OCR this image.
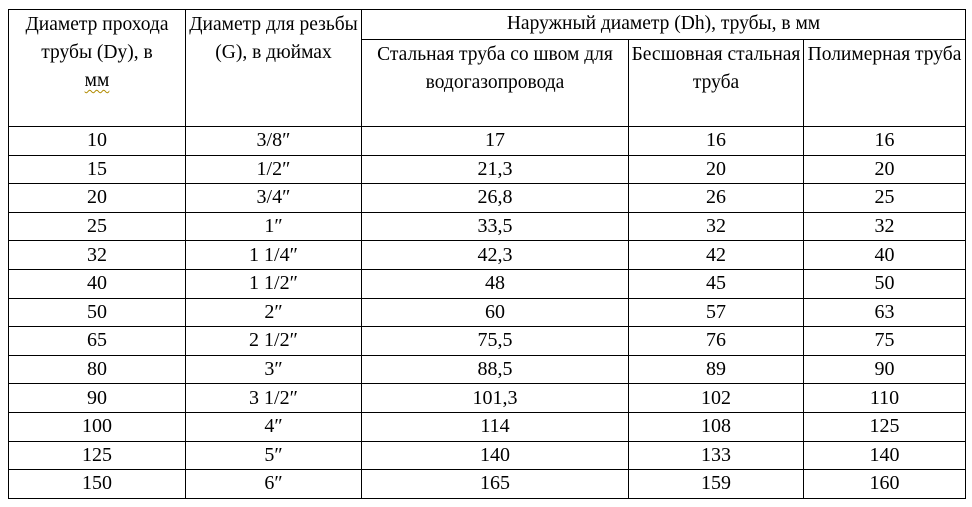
Диаметр прохода трубы (Dy), в
мм	Диаметр для резьбы (G), в дюймах	Наружный диаметр (Dh), трубы, в мм		
		Стальная труба со швом для водогазопровода	Бесшовная стальная труба	Полимерная труба
10	3/8″	17	16	16
15	1/2″	21,3	20	20
20	3/4″	26,8	26	25
25	1″	33,5	32	32
32	1 1/4″	42,3	42	40
40	1 1/2″	48	45	50
50	2″	60	57	63
65	2 1/2″	75,5	76	75
80	3″	88,5	89	90
90	3 1/2″	101,3	102	110
100	4″	114	108	125
125	5″	140	133	140
150	6″	165	159	160
